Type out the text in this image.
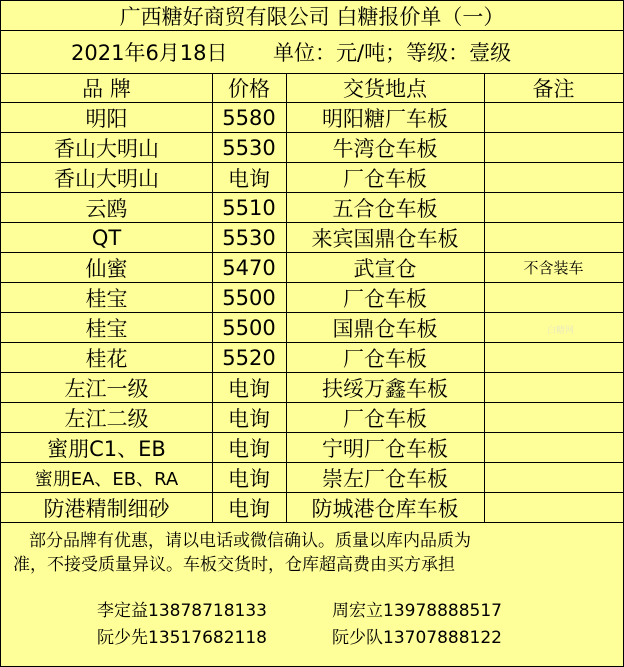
广西糖好商贸有限公司 白糖报价单（一）
2021年6月18日	单位：元/吨；等级：壹级
品 牌	价格	交货地点	备注
明阳	5580	明阳糖厂车板
香山大明山	5530	牛湾仓车板
香山大明山	电询	厂仓车板
云鸥	5510	五合仓车板
QT	5530	来宾国鼎仓车板
仙蜜	5470	武宣仓	不含装车
桂宝	5500	厂仓车板
桂宝	5500	国鼎仓车板
桂花	5520	厂仓车板
左江一级	电询	扶绥万鑫车板
左江二级	电询	厂仓车板
蜜朋C1、EB	电询	宁明厂仓车板
蜜朋EA、EB、RA	电询	崇左厂仓车板
防港精制细砂	电询	防城港仓库车板
部分品牌有优惠，请以电话或微信确认。质量以库内品质为
准，不接受质量异议。车板交货时，仓库超高费由买方承担
李定益13878718133	周宏立13978888517
阮少先13517682118	阮少队13707888122
白糖网
